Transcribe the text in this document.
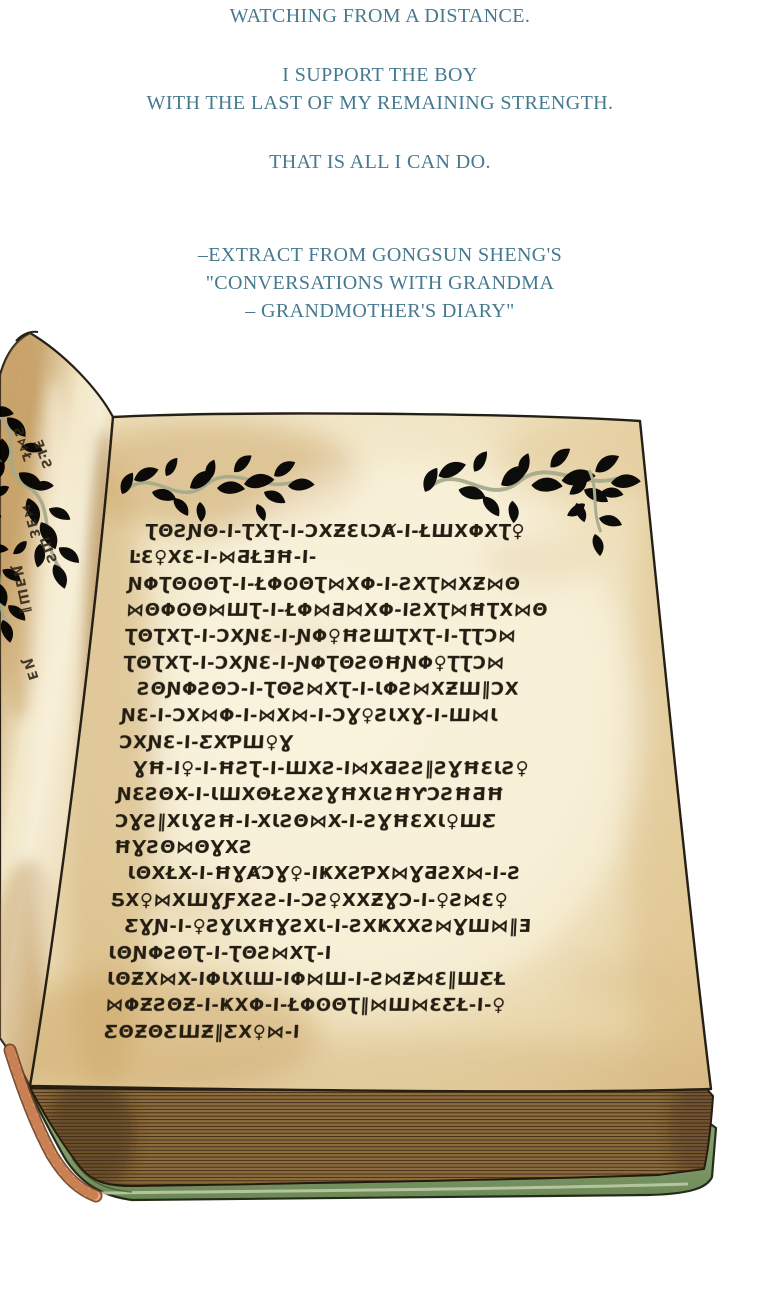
WATCHING FROM A DISTANCE.

I SUPPORT THE BOY

WITH THE LAST OF MY REMAINING STRENGTH.

THAT IS ALL I CAN DO.

–EXTRACT FROM GONGSUN SHENG'S

"CONVERSATIONS WITH GRANDMA

– GRANDMOTHER'S DIARY"

ƮΘƧƝΘ-I-ƮXƮ-I-ƆXƵƐƖƆȺ-I-ŁШXΦXƮ♀
ĿƐ♀XƐ-I-⋈ƋŁƎĦ-I-
ƝΦƮΘʘΘƮ-I-ŁΦʘΘƮ⋈XΦ-I-ƧXƮ⋈XƵ⋈Θ
⋈ΘΦʘΘ⋈ШƮ-I-ŁΦ⋈Ƌ⋈XΦ-IƧXƮ⋈ĦƮX⋈Θ
ƮΘƮXƮ-I-ƆXƝƐ-I-ƝΦ♀ĦƧШƮXƮ-I-ƮƮƆ⋈
ƮΘƮXƮ-I-ƆXƝƐ-I-ƝΦƮΘƧΘĦƝΦ♀ƮƮƆ⋈
ƧΘƝΦƧΘƆ-I-ƮΘƧ⋈XƮ-I-ƖΦƧ⋈XƵШ‖ƆX
ƝƐ-I-ƆX⋈Φ-I-⋈X⋈-I-ƆƔ♀ƧƖXƔ-I-Ш⋈Ɩ
ƆXƝƐ-I-ƸXƤШ♀Ɣ
ƔĦ-I♀-I-ĦƧƮ-I-ШXƧ-I⋈XƋƧƧ‖ƧƔĦƐƖƧ♀
ƝƐƧΘX-I-ƖШXΘŁƧXƧƔĦXƖƧĦƳƆƧĦƋĦ
ƆƔƧ‖XƖƔƧĦ-I-XƖƧΘ⋈X-I-ƧƔĦƐXƖ♀ШƸ
ĦƔƧΘ⋈ΘƔXƧ
ƖΘXŁX-I-ĦƔȺƆƔ♀-IҜXƧƤX⋈ƔƋƧX⋈-I-Ƨ
ƼX♀⋈XШƔƑXƧƧ-I-ƆƧ♀XXƵƔƆ-I-♀Ƨ⋈Ɛ♀
ƸƔƝ-I-♀ƧƔƖXĦƔƧXƖ-I-ƧXҜXXƧ⋈ƔШ⋈‖Ǝ
ƖΘƝΦƧΘƮ-I-ƮΘƧ⋈XƮ-I
ƖΘƵX⋈X-IΦƖXƖШ-IΦ⋈Ш-I-Ƨ⋈Ƶ⋈Ɛ‖ШƸŁ
⋈ΦƵƧΘƵ-I-ҜXΦ-I-ŁΦʘΘƮ‖⋈Ш⋈ƐƸŁ-I-♀
ƸΘƵΘƸШƵ‖ƸX♀⋈-I
Ƨ⋈Ł
ƎĿƧ
⋈ƎƐ
ШƧ
ƝƎШ‖
ƝƎ
